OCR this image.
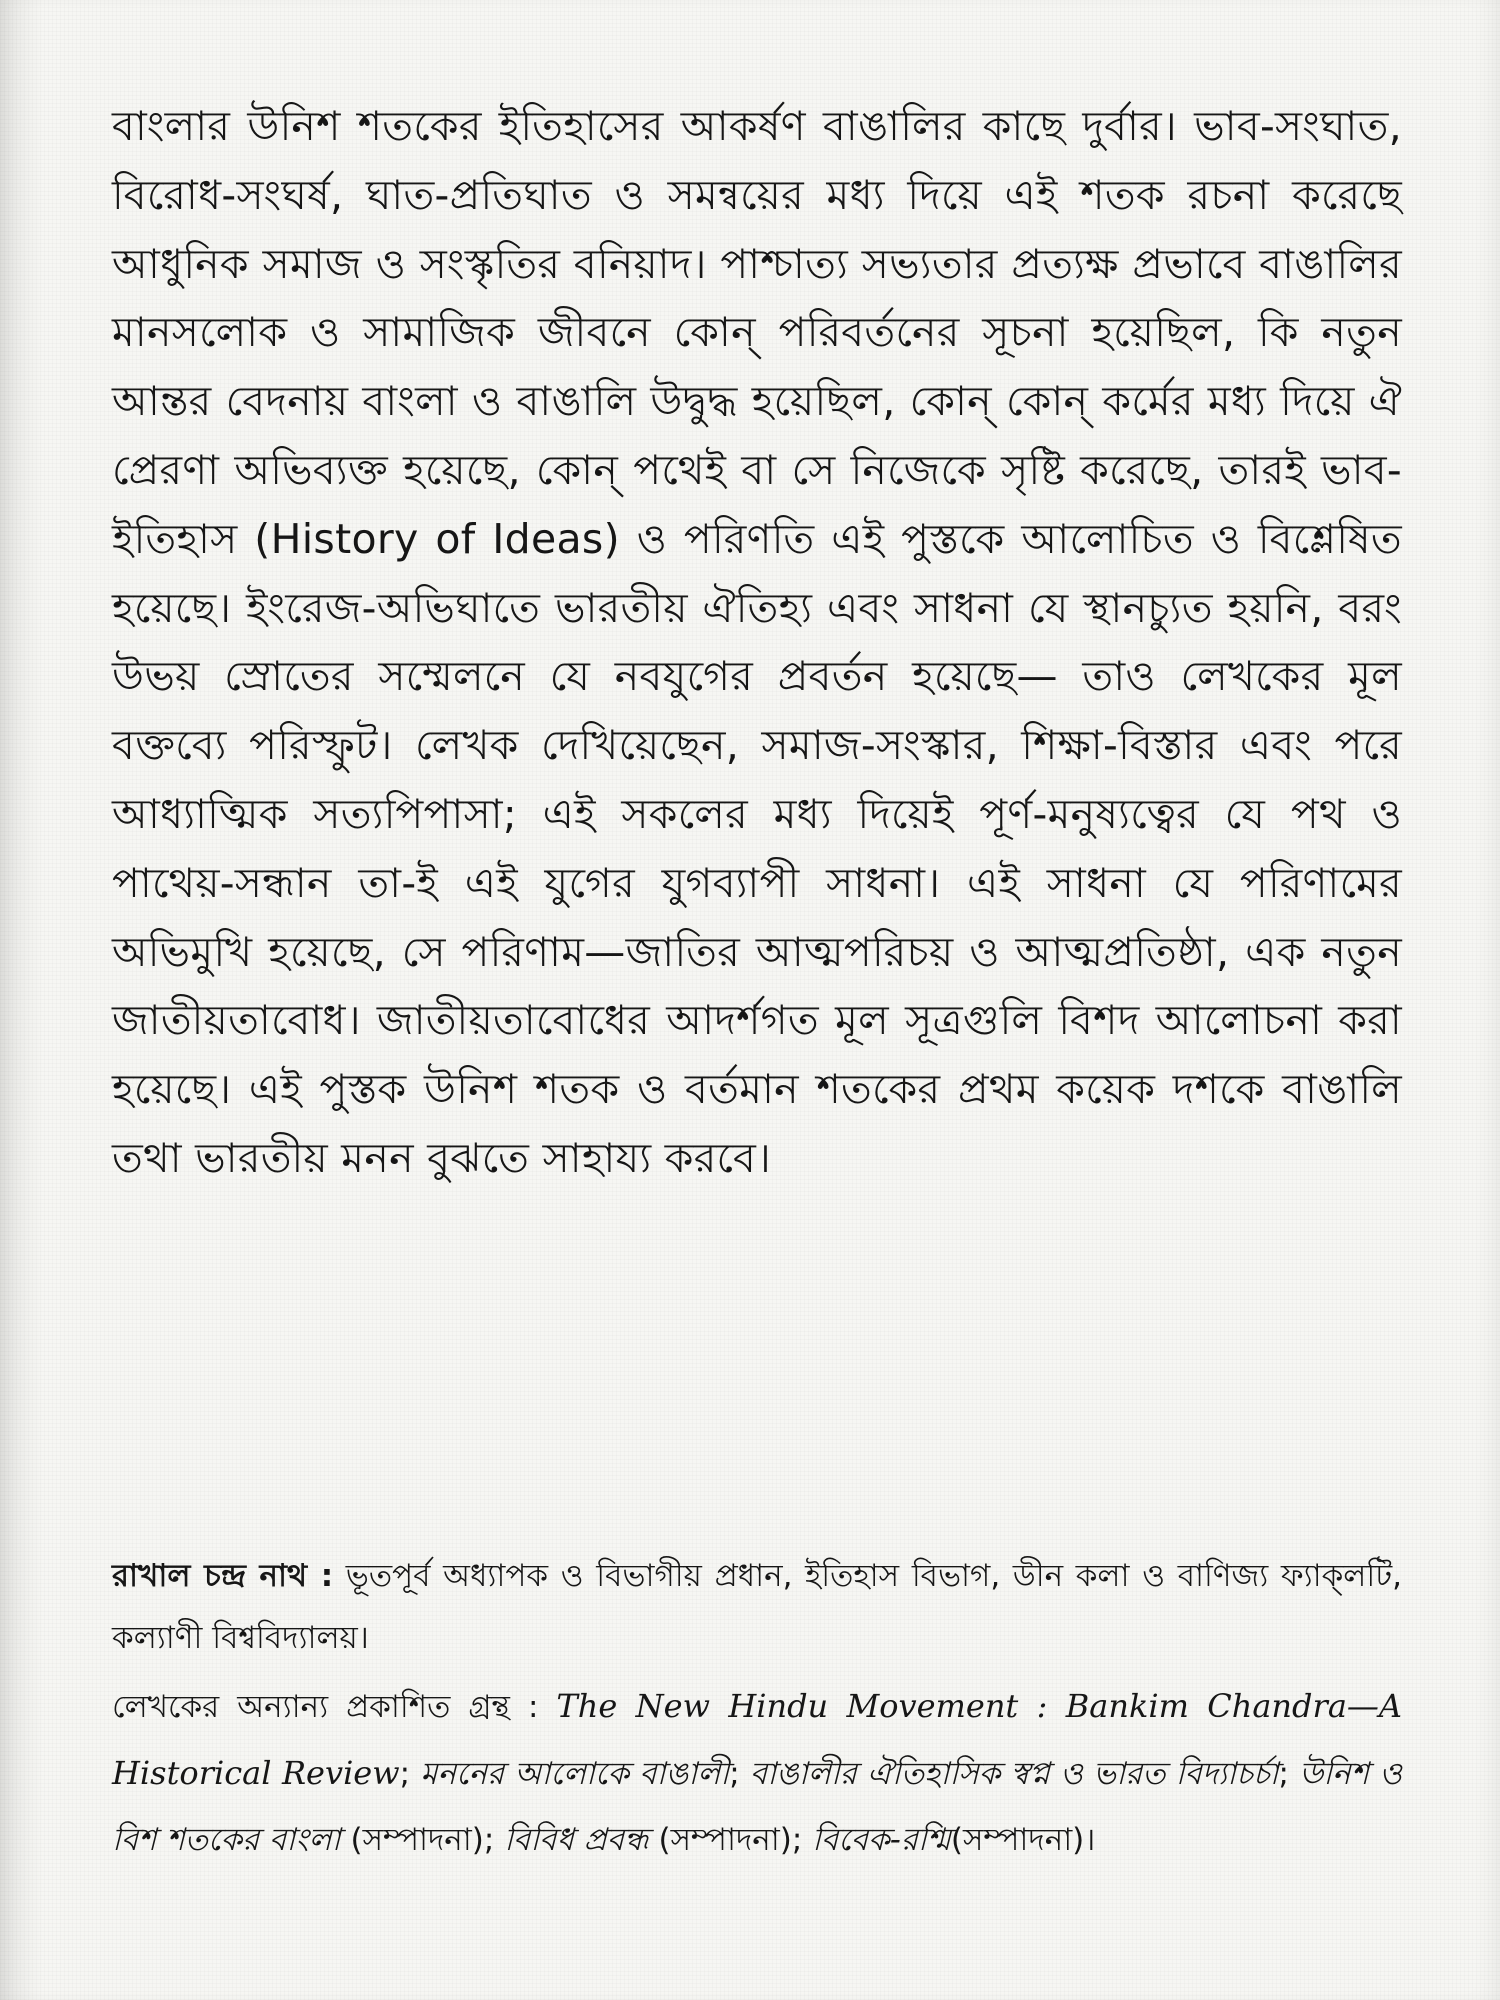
বাংলার উনিশ শতকের ইতিহাসের আকর্ষণ বাঙালির কাছে দুর্বার। ভাব-সংঘাত, বিরোধ-সংঘর্ষ, ঘাত-প্রতিঘাত ও সমন্বয়ের মধ্য দিয়ে এই শতক রচনা করেছে আধুনিক সমাজ ও সংস্কৃতির বনিয়াদ। পাশ্চাত্য সভ্যতার প্রত্যক্ষ প্রভাবে বাঙালির মানসলোক ও সামাজিক জীবনে কোন্ পরিবর্তনের সূচনা হয়েছিল, কি নতুন আন্তর বেদনায় বাংলা ও বাঙালি উদ্বুদ্ধ হয়েছিল, কোন্ কোন্ কর্মের মধ্য দিয়ে ঐ প্রেরণা অভিব্যক্ত হয়েছে, কোন্ পথেই বা সে নিজেকে সৃষ্টি করেছে, তারই ভাব-ইতিহাস (History of Ideas) ও পরিণতি এই পুস্তকে আলোচিত ও বিশ্লেষিত হয়েছে। ইংরেজ-অভিঘাতে ভারতীয় ঐতিহ্য এবং সাধনা যে স্থানচ্যুত হয়নি, বরং উভয় স্রোতের সম্মেলনে যে নবযুগের প্রবর্তন হয়েছে— তাও লেখকের মূল বক্তব্যে পরিস্ফুট। লেখক দেখিয়েছেন, সমাজ-সংস্কার, শিক্ষা-বিস্তার এবং পরে আধ্যাত্মিক সত্যপিপাসা; এই সকলের মধ্য দিয়েই পূর্ণ-মনুষ্যত্বের যে পথ ও পাথেয়-সন্ধান তা-ই এই যুগের যুগব্যাপী সাধনা। এই সাধনা যে পরিণামের অভিমুখি হয়েছে, সে পরিণাম—জাতির আত্মপরিচয় ও আত্মপ্রতিষ্ঠা, এক নতুন জাতীয়তাবোধ। জাতীয়তাবোধের আদর্শগত মূল সূত্রগুলি বিশদ আলোচনা করা হয়েছে। এই পুস্তক উনিশ শতক ও বর্তমান শতকের প্রথম কয়েক দশকে বাঙালি তথা ভারতীয় মনন বুঝতে সাহায্য করবে।

রাখাল চন্দ্র নাথ : ভূতপূর্ব অধ্যাপক ও বিভাগীয় প্রধান, ইতিহাস বিভাগ, ডীন কলা ও বাণিজ্য ফ্যাক্‌লটি, কল্যাণী বিশ্ববিদ্যালয়।

লেখকের অন্যান্য প্রকাশিত গ্রন্থ : The New Hindu Movement : Bankim Chandra—A Historical Review; মননের আলোকে বাঙালী; বাঙালীর ঐতিহাসিক স্বপ্ন ও ভারত বিদ্যাচর্চা; উনিশ ও বিশ শতকের বাংলা (সম্পাদনা); বিবিধ প্রবন্ধ (সম্পাদনা); বিবেক-রশ্মি(সম্পাদনা)।
